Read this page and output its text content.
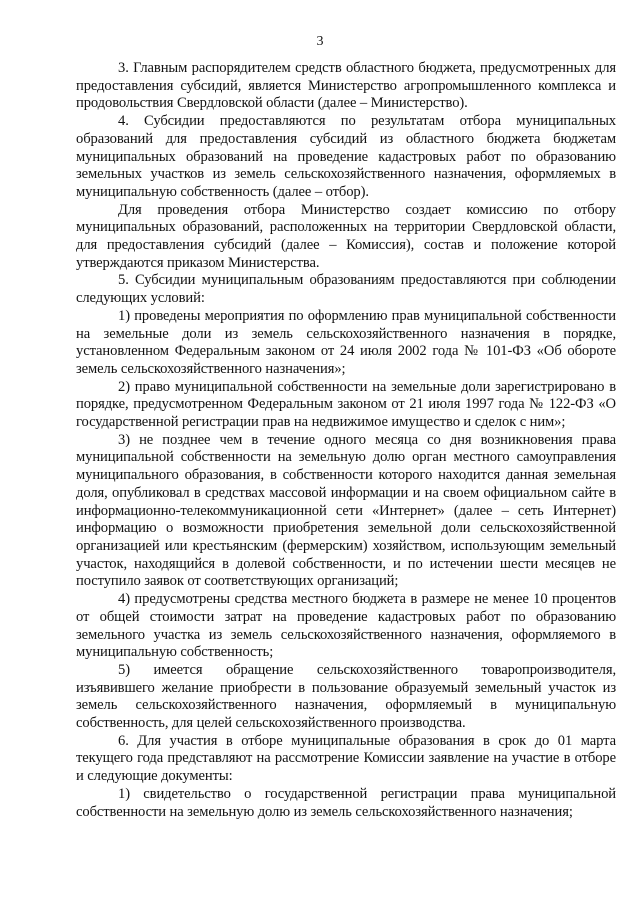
3

3. Главным распорядителем средств областного бюджета, предусмотренных для предоставления субсидий, является Министерство агропромышленного комплекса и продовольствия Свердловской области (далее – Министерство).

4. Субсидии предоставляются по результатам отбора муниципальных образований для предоставления субсидий из областного бюджета бюджетам муниципальных образований на проведение кадастровых работ по образованию земельных участков из земель сельскохозяйственного назначения, оформляемых в муниципальную собственность (далее – отбор).

Для проведения отбора Министерство создает комиссию по отбору муниципальных образований, расположенных на территории Свердловской области, для предоставления субсидий (далее – Комиссия), состав и положение которой утверждаются приказом Министерства.

5. Субсидии муниципальным образованиям предоставляются при соблюдении следующих условий:

1) проведены мероприятия по оформлению прав муниципальной собственности на земельные доли из земель сельскохозяйственного назначения в порядке, установленном Федеральным законом от 24 июля 2002 года № 101-ФЗ «Об обороте земель сельскохозяйственного назначения»;

2) право муниципальной собственности на земельные доли зарегистрировано в порядке, предусмотренном Федеральным законом от 21 июля 1997 года № 122-ФЗ «О государственной регистрации прав на недвижимое имущество и сделок с ним»;

3) не позднее чем в течение одного месяца со дня возникновения права муниципальной собственности на земельную долю орган местного самоуправления муниципального образования, в собственности которого находится данная земельная доля, опубликовал в средствах массовой информации и на своем официальном сайте в информационно-телекоммуникационной сети «Интернет» (далее – сеть Интернет) информацию о возможности приобретения земельной доли сельскохозяйственной организацией или крестьянским (фермерским) хозяйством, использующим земельный участок, находящийся в долевой собственности, и по истечении шести месяцев не поступило заявок от соответствующих организаций;

4) предусмотрены средства местного бюджета в размере не менее 10 процентов от общей стоимости затрат на проведение кадастровых работ по образованию земельного участка из земель сельскохозяйственного назначения, оформляемого в муниципальную собственность;

5) имеется обращение сельскохозяйственного товаропроизводителя, изъявившего желание приобрести в пользование образуемый земельный участок из земель сельскохозяйственного назначения, оформляемый в муниципальную собственность, для целей сельскохозяйственного производства.

6. Для участия в отборе муниципальные образования в срок до 01 марта текущего года представляют на рассмотрение Комиссии заявление на участие в отборе и следующие документы:

1) свидетельство о государственной регистрации права муниципальной собственности на земельную долю из земель сельскохозяйственного назначения;
